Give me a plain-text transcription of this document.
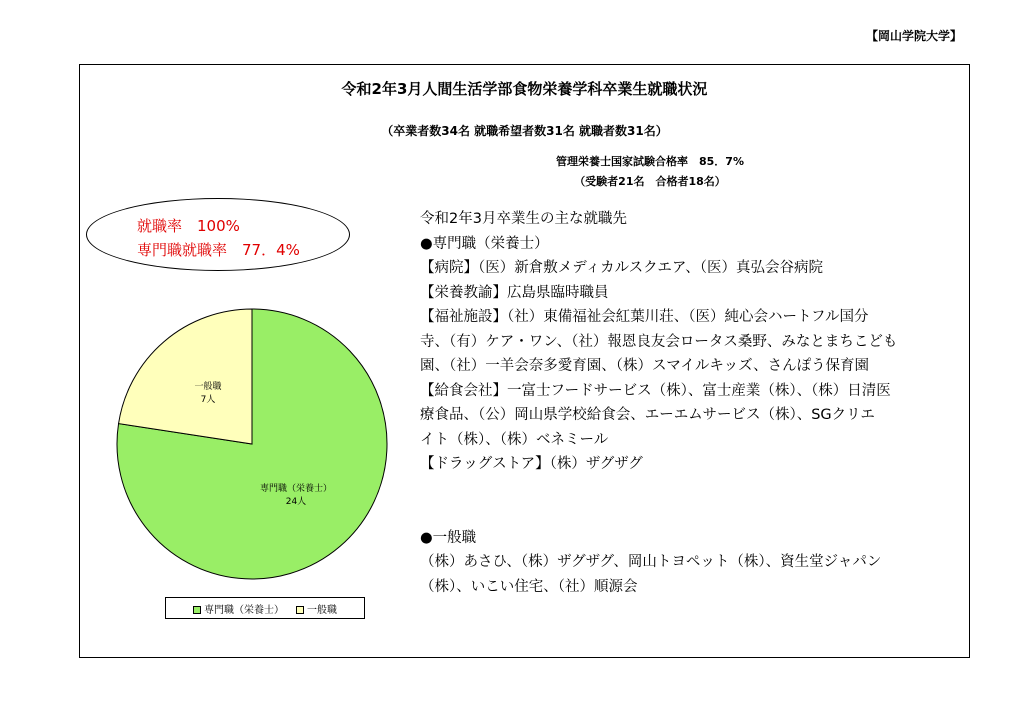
【岡山学院大学】
令和2年3月人間生活学部食物栄養学科卒業生就職状況
（卒業者数34名 就職希望者数31名 就職者数31名）
管理栄養士国家試験合格率　85．7%
（受験者21名　合格者18名）
就職率　100%
専門職就職率　77．4%
専門職（栄養士） 24人
一般職 7人
専門職（栄養士）	一般職
令和2年3月卒業生の主な就職先
●専門職（栄養士）
【病院】（医）新倉敷メディカルスクエア、（医）真弘会谷病院
【栄養教諭】広島県臨時職員
【福祉施設】（社）東備福祉会紅葉川荘、（医）純心会ハートフル国分
寺、（有）ケア・ワン、（社）報恩良友会ロータス桑野、みなとまちこども
園、（社）一羊会奈多愛育園、（株）スマイルキッズ、さんぽう保育園
【給食会社】一富士フードサービス（株）、富士産業（株）、（株）日清医
療食品、（公）岡山県学校給食会、エーエムサービス（株）、SGクリエ
イト（株）、（株）ベネミール
【ドラッグストア】（株）ザグザグ
●一般職
（株）あさひ、（株）ザグザグ、岡山トヨペット（株）、資生堂ジャパン
（株）、いこい住宅、（社）順源会
